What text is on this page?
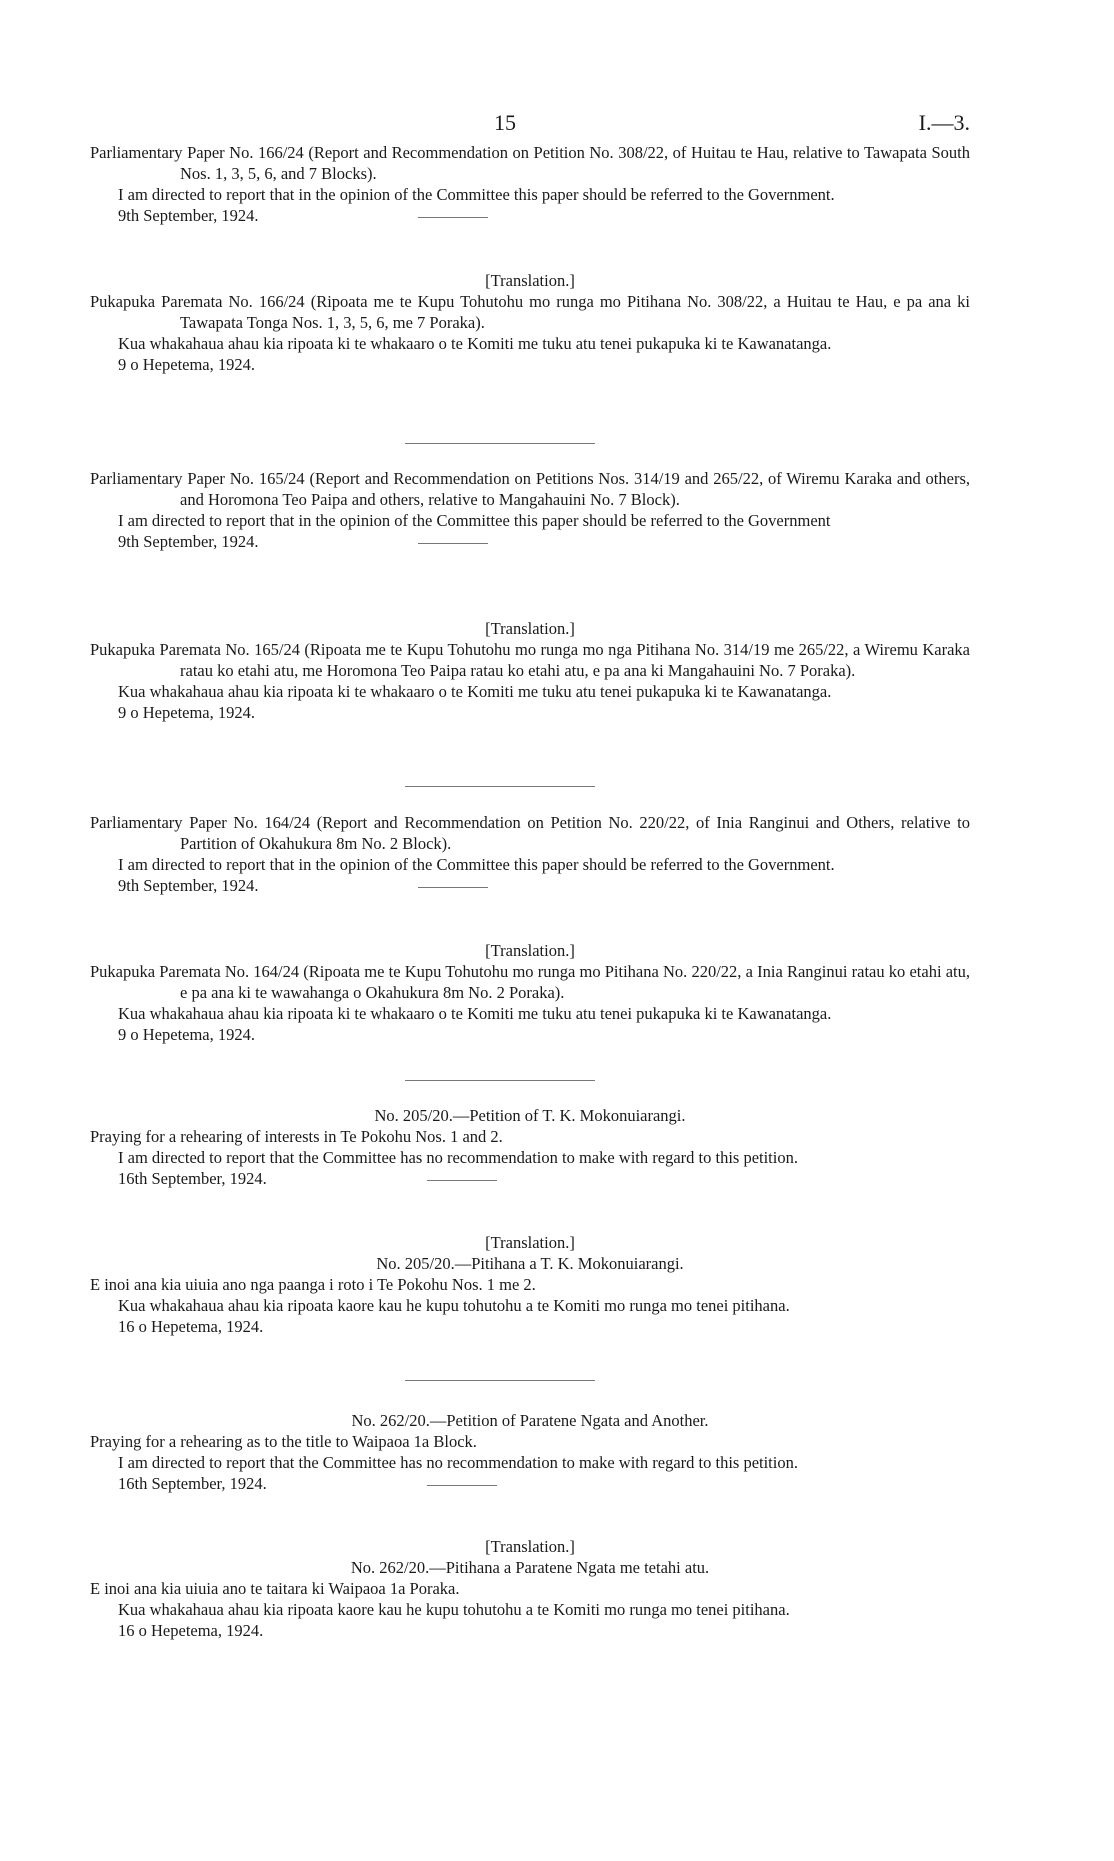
15	I.—3.

Parliamentary Paper No. 166/24 (Report and Recommendation on Petition No. 308/22, of Huitau te Hau, relative to Tawapata South Nos. 1, 3, 5, 6, and 7 Blocks).

I am directed to report that in the opinion of the Committee this paper should be referred to the Government.

9th September, 1924.

[Translation.]

Pukapuka Paremata No. 166/24 (Ripoata me te Kupu Tohutohu mo runga mo Pitihana No. 308/22, a Huitau te Hau, e pa ana ki Tawapata Tonga Nos. 1, 3, 5, 6, me 7 Poraka).

Kua whakahaua ahau kia ripoata ki te whakaaro o te Komiti me tuku atu tenei pukapuka ki te Kawanatanga.

9 o Hepetema, 1924.

Parliamentary Paper No. 165/24 (Report and Recommendation on Petitions Nos. 314/19 and 265/22, of Wiremu Karaka and others, and Horomona Teo Paipa and others, relative to Mangahauini No. 7 Block).

I am directed to report that in the opinion of the Committee this paper should be referred to the Government

9th September, 1924.

[Translation.]

Pukapuka Paremata No. 165/24 (Ripoata me te Kupu Tohutohu mo runga mo nga Pitihana No. 314/19 me 265/22, a Wiremu Karaka ratau ko etahi atu, me Horomona Teo Paipa ratau ko etahi atu, e pa ana ki Mangahauini No. 7 Poraka).

Kua whakahaua ahau kia ripoata ki te whakaaro o te Komiti me tuku atu tenei pukapuka ki te Kawanatanga.

9 o Hepetema, 1924.

Parliamentary Paper No. 164/24 (Report and Recommendation on Petition No. 220/22, of Inia Ranginui and Others, relative to Partition of Okahukura 8m No. 2 Block).

I am directed to report that in the opinion of the Committee this paper should be referred to the Government.

9th September, 1924.

[Translation.]

Pukapuka Paremata No. 164/24 (Ripoata me te Kupu Tohutohu mo runga mo Pitihana No. 220/22, a Inia Ranginui ratau ko etahi atu, e pa ana ki te wawahanga o Okahukura 8m No. 2 Poraka).

Kua whakahaua ahau kia ripoata ki te whakaaro o te Komiti me tuku atu tenei pukapuka ki te Kawanatanga.

9 o Hepetema, 1924.

No. 205/20.—Petition of T. K. Mokonuiarangi.

Praying for a rehearing of interests in Te Pokohu Nos. 1 and 2.

I am directed to report that the Committee has no recommendation to make with regard to this petition.

16th September, 1924.

[Translation.]

No. 205/20.—Pitihana a T. K. Mokonuiarangi.

E inoi ana kia uiuia ano nga paanga i roto i Te Pokohu Nos. 1 me 2.

Kua whakahaua ahau kia ripoata kaore kau he kupu tohutohu a te Komiti mo runga mo tenei pitihana.

16 o Hepetema, 1924.

No. 262/20.—Petition of Paratene Ngata and Another.

Praying for a rehearing as to the title to Waipaoa 1a Block.

I am directed to report that the Committee has no recommendation to make with regard to this petition.

16th September, 1924.

[Translation.]

No. 262/20.—Pitihana a Paratene Ngata me tetahi atu.

E inoi ana kia uiuia ano te taitara ki Waipaoa 1a Poraka.

Kua whakahaua ahau kia ripoata kaore kau he kupu tohutohu a te Komiti mo runga mo tenei pitihana.

16 o Hepetema, 1924.
